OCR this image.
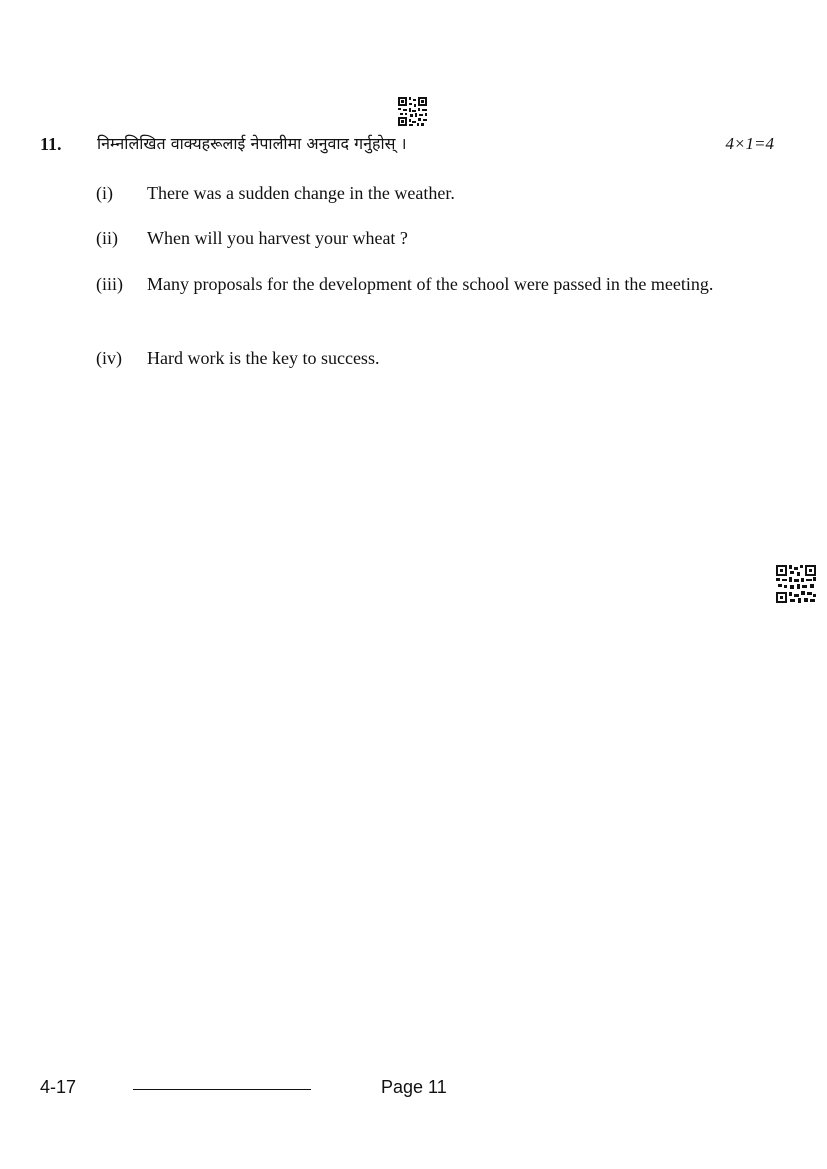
11. निम्नलिखित वाक्यहरूलाई नेपालीमा अनुवाद गर्नुहोस् ।	4×1=4
(i) There was a sudden change in the weather.
(ii) When will you harvest your wheat ?
(iii) Many proposals for the development of the school were passed in the meeting.
(iv) Hard work is the key to success.
4-17	Page 11
